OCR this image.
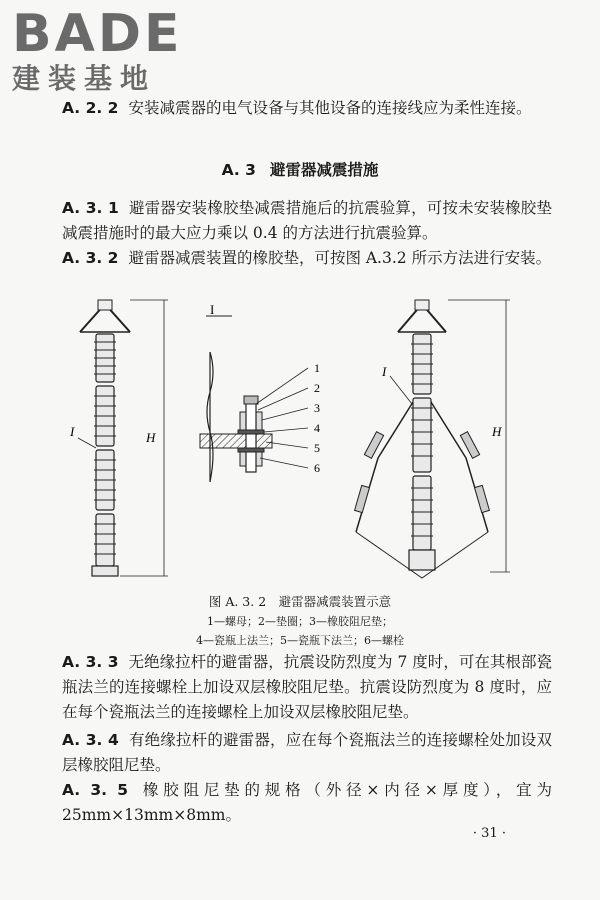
BADE
建装基地
A. 2. 2 安装减震器的电气设备与其他设备的连接线应为柔性连接。
A. 3 避雷器减震措施
A. 3. 1 避雷器安装橡胶垫减震措施后的抗震验算，可按未安装橡胶垫减震措施时的最大应力乘以 0.4 的方法进行抗震验算。
A. 3. 2 避雷器减震装置的橡胶垫，可按图 A.3.2 所示方法进行安装。
I	H
I
1
2
3
4
5
6
I
H
图 A. 3. 2　避雷器减震装置示意
1—螺母；2—垫圈；3—橡胶阻尼垫；
4—瓷瓶上法兰；5—瓷瓶下法兰；6—螺栓
A. 3. 3 无绝缘拉杆的避雷器，抗震设防烈度为 7 度时，可在其根部瓷瓶法兰的连接螺栓上加设双层橡胶阻尼垫。抗震设防烈度为 8 度时，应在每个瓷瓶法兰的连接螺栓上加设双层橡胶阻尼垫。
A. 3. 4 有绝缘拉杆的避雷器，应在每个瓷瓶法兰的连接螺栓处加设双层橡胶阻尼垫。
A. 3. 5 橡胶阻尼垫的规格（外径×内径×厚度），宜为 25mm×13mm×8mm。
· 31 ·
